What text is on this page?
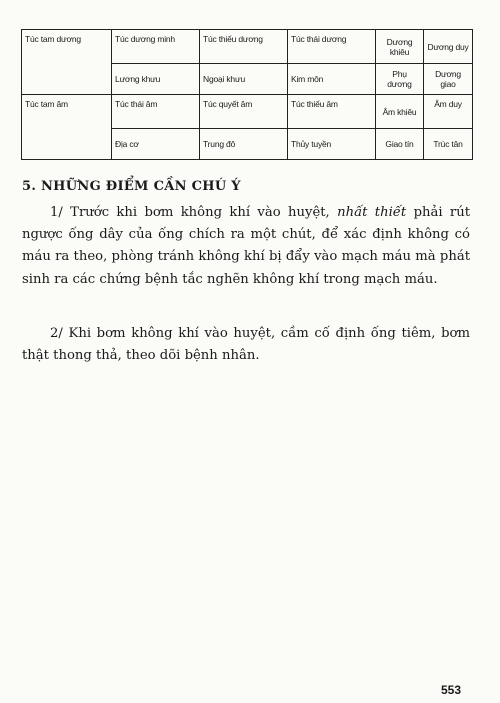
Túc tam dương	Túc dương minh	Túc thiếu dương	Túc thái dương	Dương khiêu	Dương duy
	Lương khưu	Ngoại khưu	Kim môn	Phụ dương	Dương giao
Túc tam âm	Túc thái âm	Túc quyết âm	Túc thiếu âm	Âm khiêu	Âm duy
	Địa cơ	Trung đô	Thủy tuyền	Giao tín	Trúc tân
5. NHỮNG ĐIỂM CẦN CHÚ Ý

1/ Trước khi bơm không khí vào huyệt, nhất thiết phải rút ngược ống dây của ống chích ra một chút, để xác định không có máu ra theo, phòng tránh không khí bị đẩy vào mạch máu mà phát sinh ra các chứng bệnh tắc nghẽn không khí trong mạch máu.

2/ Khi bơm không khí vào huyệt, cầm cố định ống tiêm, bơm thật thong thả, theo dõi bệnh nhân.

553
